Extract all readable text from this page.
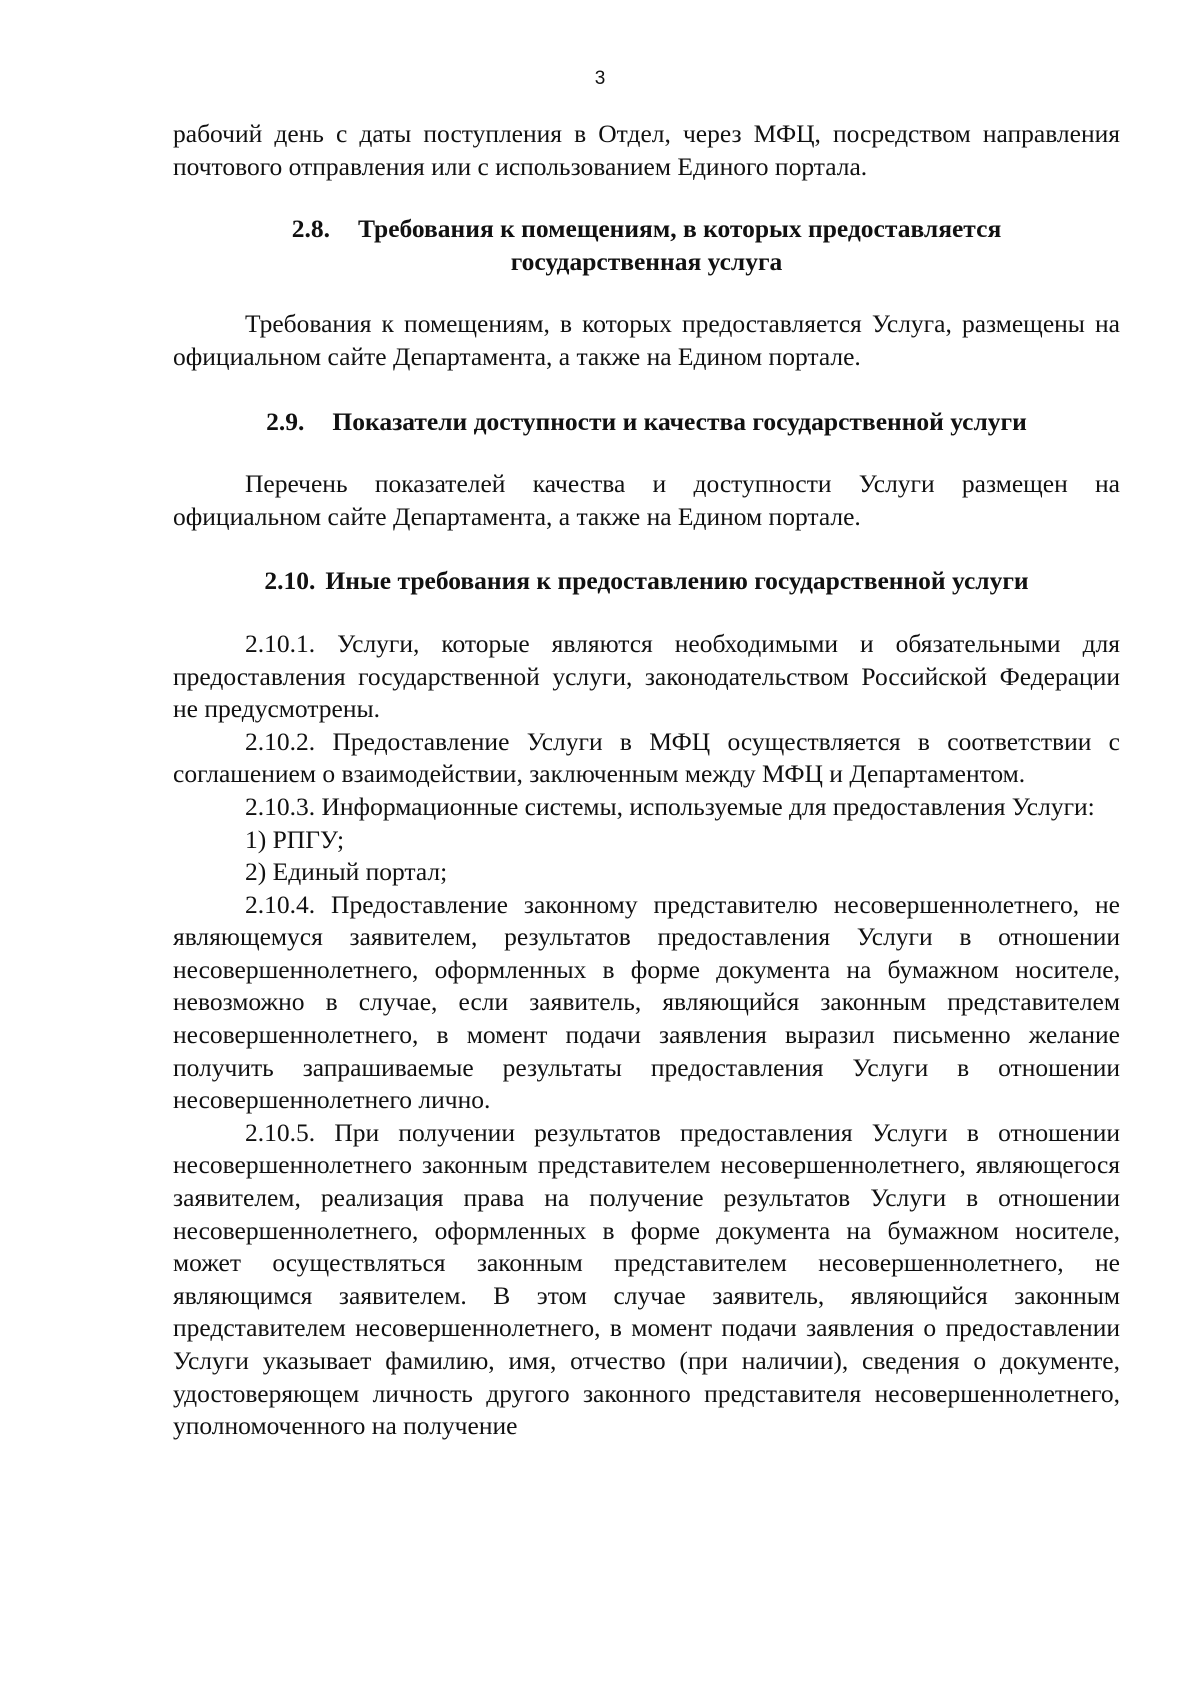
3

рабочий день с даты поступления в Отдел, через МФЦ, посредством направления почтового отправления или с использованием Единого портала.

2.8. Требования к помещениям, в которых предоставляется
государственная услуга

Требования к помещениям, в которых предоставляется Услуга, размещены на официальном сайте Департамента, а также на Едином портале.

2.9. Показатели доступности и качества государственной услуги

Перечень показателей качества и доступности Услуги размещен на официальном сайте Департамента, а также на Едином портале.

2.10. Иные требования к предоставлению государственной услуги

2.10.1. Услуги, которые являются необходимыми и обязательными для предоставления государственной услуги, законодательством Российской Федерации не предусмотрены.

2.10.2. Предоставление Услуги в МФЦ осуществляется в соответствии с соглашением о взаимодействии, заключенным между МФЦ и Департаментом.

2.10.3. Информационные системы, используемые для предоставления Услуги:

1) РПГУ;

2) Единый портал;

2.10.4. Предоставление законному представителю несовершеннолетнего, не являющемуся заявителем, результатов предоставления Услуги в отношении несовершеннолетнего, оформленных в форме документа на бумажном носителе, невозможно в случае, если заявитель, являющийся законным представителем несовершеннолетнего, в момент подачи заявления выразил письменно желание получить запрашиваемые результаты предоставления Услуги в отношении несовершеннолетнего лично.

2.10.5. При получении результатов предоставления Услуги в отношении несовершеннолетнего законным представителем несовершеннолетнего, являющегося заявителем, реализация права на получение результатов Услуги в отношении несовершеннолетнего, оформленных в форме документа на бумажном носителе, может осуществляться законным представителем несовершеннолетнего, не являющимся заявителем. В этом случае заявитель, являющийся законным представителем несовершеннолетнего, в момент подачи заявления о предоставлении Услуги указывает фамилию, имя, отчество (при наличии), сведения о документе, удостоверяющем личность другого законного представителя несовершеннолетнего, уполномоченного на получение
